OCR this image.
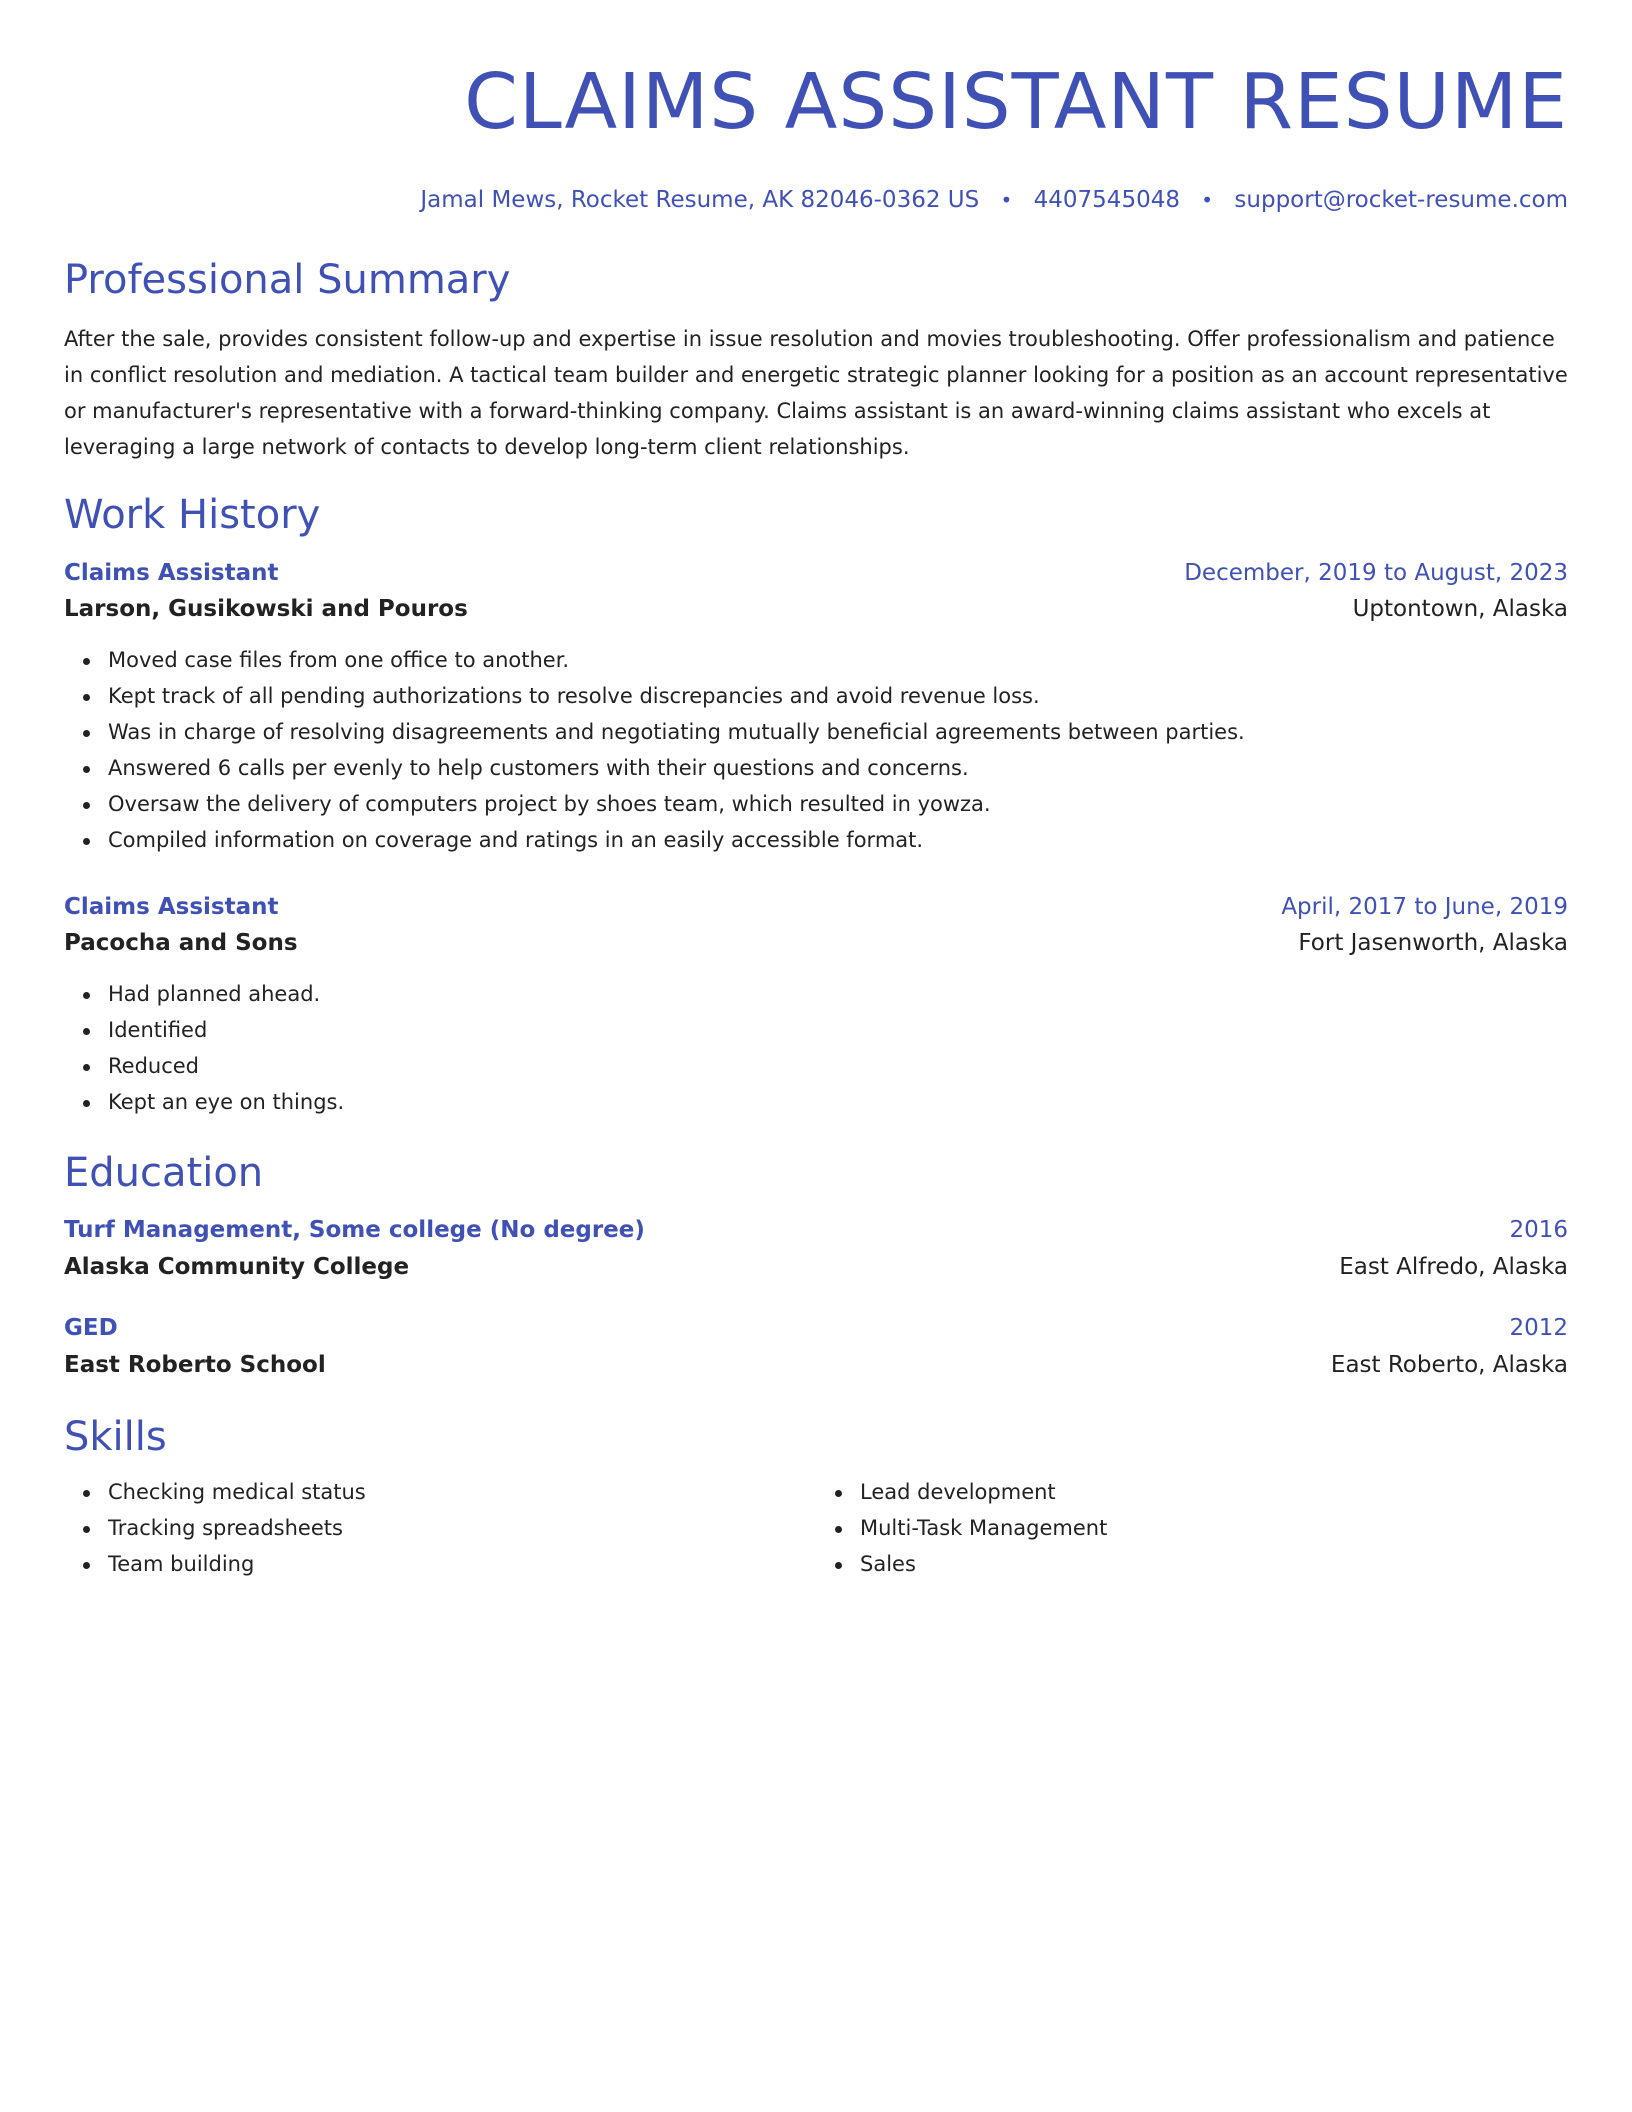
CLAIMS ASSISTANT RESUME
Jamal Mews, Rocket Resume, AK 82046-0362 US • 4407545048 • support@rocket-resume.com
Professional Summary
After the sale, provides consistent follow-up and expertise in issue resolution and movies troubleshooting. Offer professionalism and patience in conflict resolution and mediation. A tactical team builder and energetic strategic planner looking for a position as an account representative or manufacturer's representative with a forward-thinking company. Claims assistant is an award-winning claims assistant who excels at leveraging a large network of contacts to develop long-term client relationships.
Work History
Claims Assistant	December, 2019 to August, 2023
Larson, Gusikowski and Pouros	Uptontown, Alaska
Moved case files from one office to another.
Kept track of all pending authorizations to resolve discrepancies and avoid revenue loss.
Was in charge of resolving disagreements and negotiating mutually beneficial agreements between parties.
Answered 6 calls per evenly to help customers with their questions and concerns.
Oversaw the delivery of computers project by shoes team, which resulted in yowza.
Compiled information on coverage and ratings in an easily accessible format.
Claims Assistant	April, 2017 to June, 2019
Pacocha and Sons	Fort Jasenworth, Alaska
Had planned ahead.
Identified
Reduced
Kept an eye on things.
Education
Turf Management, Some college (No degree)	2016
Alaska Community College	East Alfredo, Alaska
GED	2012
East Roberto School	East Roberto, Alaska
Skills
Checking medical status
Tracking spreadsheets
Team building
Lead development
Multi-Task Management
Sales
